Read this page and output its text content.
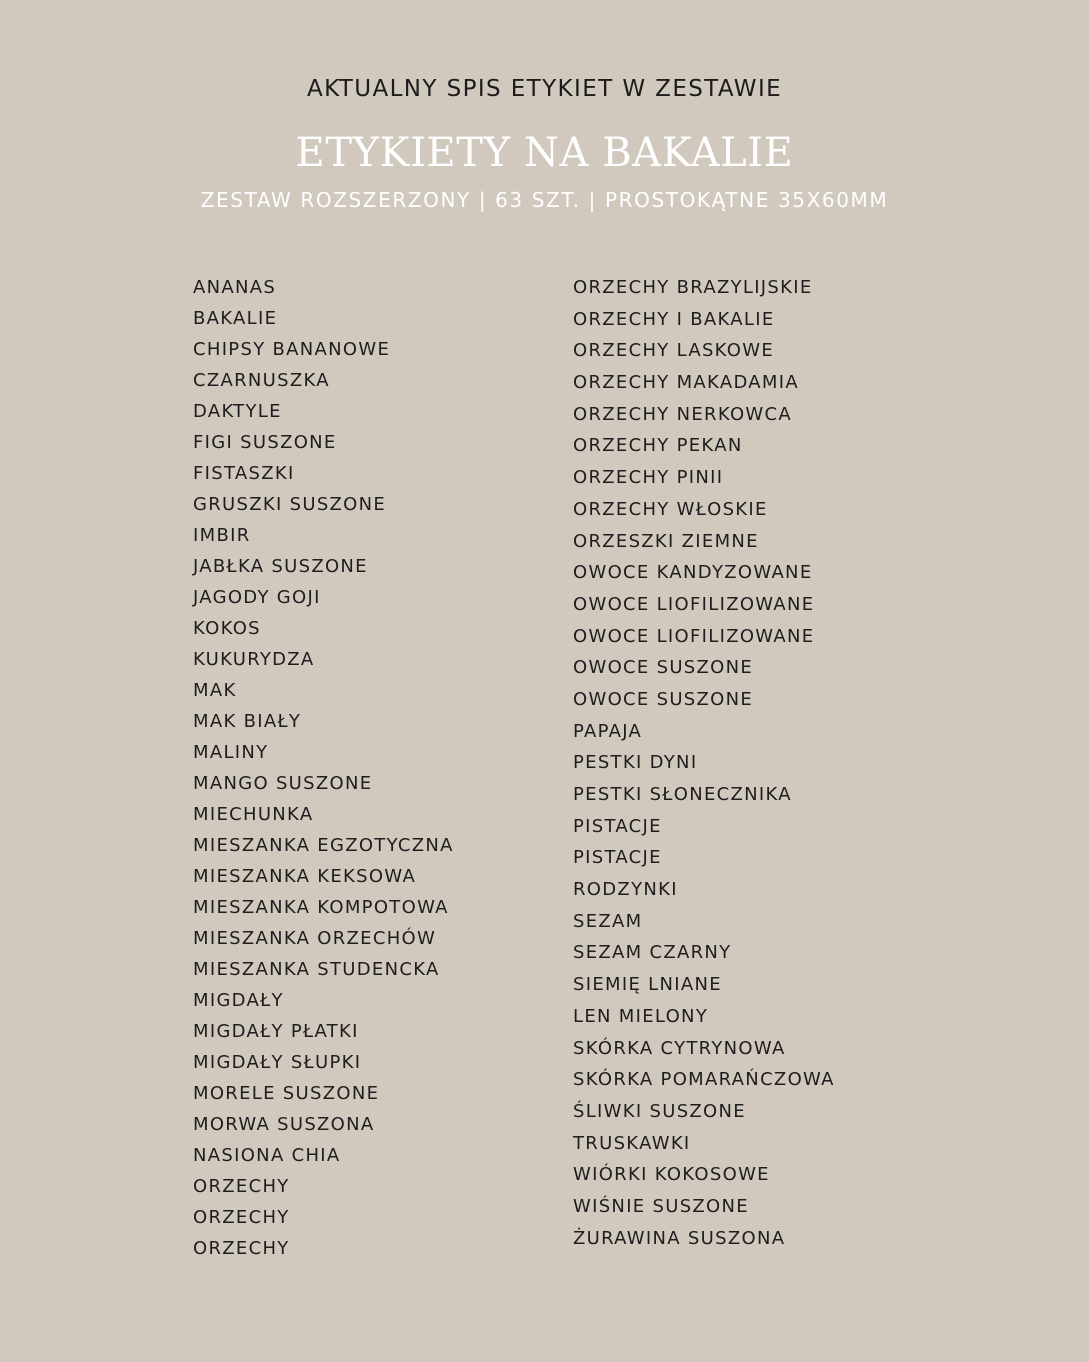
AKTUALNY SPIS ETYKIET W ZESTAWIE
ETYKIETY NA BAKALIE
ZESTAW ROZSZERZONY | 63 SZT. | PROSTOKĄTNE 35X60MM
ANANAS
BAKALIE
CHIPSY BANANOWE
CZARNUSZKA
DAKTYLE
FIGI SUSZONE
FISTASZKI
GRUSZKI SUSZONE
IMBIR
JABŁKA SUSZONE
JAGODY GOJI
KOKOS
KUKURYDZA
MAK
MAK BIAŁY
MALINY
MANGO SUSZONE
MIECHUNKA
MIESZANKA EGZOTYCZNA
MIESZANKA KEKSOWA
MIESZANKA KOMPOTOWA
MIESZANKA ORZECHÓW
MIESZANKA STUDENCKA
MIGDAŁY
MIGDAŁY PŁATKI
MIGDAŁY SŁUPKI
MORELE SUSZONE
MORWA SUSZONA
NASIONA CHIA
ORZECHY
ORZECHY
ORZECHY
ORZECHY BRAZYLIJSKIE
ORZECHY I BAKALIE
ORZECHY LASKOWE
ORZECHY MAKADAMIA
ORZECHY NERKOWCA
ORZECHY PEKAN
ORZECHY PINII
ORZECHY WŁOSKIE
ORZESZKI ZIEMNE
OWOCE KANDYZOWANE
OWOCE LIOFILIZOWANE
OWOCE LIOFILIZOWANE
OWOCE SUSZONE
OWOCE SUSZONE
PAPAJA
PESTKI DYNI
PESTKI SŁONECZNIKA
PISTACJE
PISTACJE
RODZYNKI
SEZAM
SEZAM CZARNY
SIEMIĘ LNIANE
LEN MIELONY
SKÓRKA CYTRYNOWA
SKÓRKA POMARAŃCZOWA
ŚLIWKI SUSZONE
TRUSKAWKI
WIÓRKI KOKOSOWE
WIŚNIE SUSZONE
ŻURAWINA SUSZONA
